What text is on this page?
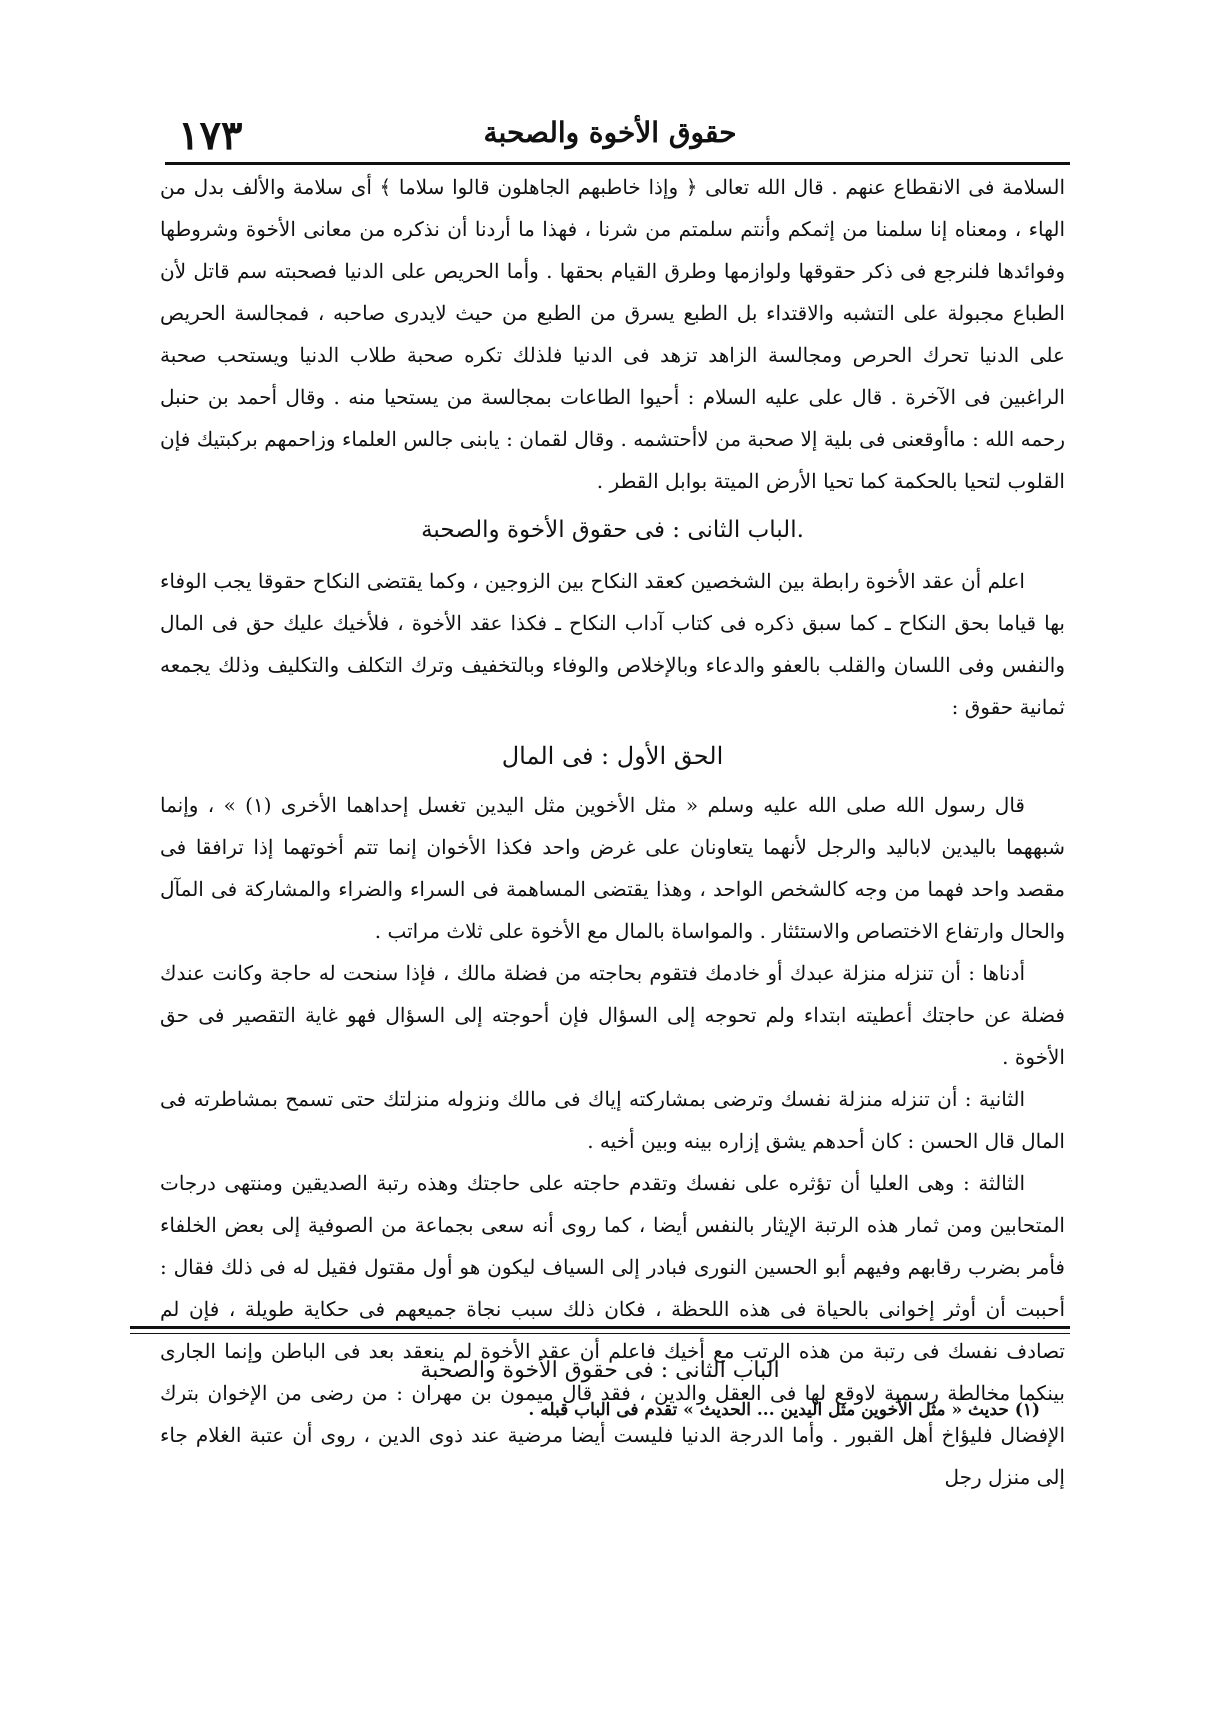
١٧٣	حقوق الأخوة والصحبة

السلامة فى الانقطاع عنهم . قال الله تعالى ﴿ وإذا خاطبهم الجاهلون قالوا سلاما ﴾ أى سلامة والألف بدل من الهاء ، ومعناه إنا سلمنا من إثمكم وأنتم سلمتم من شرنا ، فهذا ما أردنا أن نذكره من معانى الأخوة وشروطها وفوائدها فلنرجع فى ذكر حقوقها ولوازمها وطرق القيام بحقها . وأما الحريص على الدنيا فصحبته سم قاتل لأن الطباع مجبولة على التشبه والاقتداء بل الطبع يسرق من الطبع من حيث لايدرى صاحبه ، فمجالسة الحريص على الدنيا تحرك الحرص ومجالسة الزاهد تزهد فى الدنيا فلذلك تكره صحبة طلاب الدنيا ويستحب صحبة الراغبين فى الآخرة . قال على عليه السلام : أحيوا الطاعات بمجالسة من يستحيا منه . وقال أحمد بن حنبل رحمه الله : ماأوقعنى فى بلية إلا صحبة من لاأحتشمه . وقال لقمان : يابنى جالس العلماء وزاحمهم بركبتيك فإن القلوب لتحيا بالحكمة كما تحيا الأرض الميتة بوابل القطر .

.الباب الثانى : فى حقوق الأخوة والصحبة

اعلم أن عقد الأخوة رابطة بين الشخصين كعقد النكاح بين الزوجين ، وكما يقتضى النكاح حقوقا يجب الوفاء بها قياما بحق النكاح ـ كما سبق ذكره فى كتاب آداب النكاح ـ فكذا عقد الأخوة ، فلأخيك عليك حق فى المال والنفس وفى اللسان والقلب بالعفو والدعاء وبالإخلاص والوفاء وبالتخفيف وترك التكلف والتكليف وذلك يجمعه ثمانية حقوق :

الحق الأول : فى المال

قال رسول الله صلى الله عليه وسلم « مثل الأخوين مثل اليدين تغسل إحداهما الأخرى (١) » ، وإنما شبههما باليدين لاباليد والرجل لأنهما يتعاونان على غرض واحد فكذا الأخوان إنما تتم أخوتهما إذا ترافقا فى مقصد واحد فهما من وجه كالشخص الواحد ، وهذا يقتضى المساهمة فى السراء والضراء والمشاركة فى المآل والحال وارتفاع الاختصاص والاستئثار . والمواساة بالمال مع الأخوة على ثلاث مراتب .

أدناها : أن تنزله منزلة عبدك أو خادمك فتقوم بحاجته من فضلة مالك ، فإذا سنحت له حاجة وكانت عندك فضلة عن حاجتك أعطيته ابتداء ولم تحوجه إلى السؤال فإن أحوجته إلى السؤال فهو غاية التقصير فى حق الأخوة .

الثانية : أن تنزله منزلة نفسك وترضى بمشاركته إياك فى مالك ونزوله منزلتك حتى تسمح بمشاطرته فى المال قال الحسن : كان أحدهم يشق إزاره بينه وبين أخيه .

الثالثة : وهى العليا أن تؤثره على نفسك وتقدم حاجته على حاجتك وهذه رتبة الصديقين ومنتهى درجات المتحابين ومن ثمار هذه الرتبة الإيثار بالنفس أيضا ، كما روى أنه سعى بجماعة من الصوفية إلى بعض الخلفاء فأمر بضرب رقابهم وفيهم أبو الحسين النورى فبادر إلى السياف ليكون هو أول مقتول فقيل له فى ذلك فقال : أحببت أن أوثر إخوانى بالحياة فى هذه اللحظة ، فكان ذلك سبب نجاة جميعهم فى حكاية طويلة ، فإن لم تصادف نفسك فى رتبة من هذه الرتب مع أخيك فاعلم أن عقد الأخوة لم ينعقد بعد فى الباطن وإنما الجارى بينكما مخالطة رسمية لاوقع لها فى العقل والدين ، فقد قال ميمون بن مهران : من رضى من الإخوان بترك الإفضال فليؤاخ أهل القبور . وأما الدرجة الدنيا فليست أيضا مرضية عند ذوى الدين ، روى أن عتبة الغلام جاء إلى منزل رجل

الباب الثانى : فى حقوق الأخوة والصحبة
(١) حديث « مثل الأخوين مثل اليدين ... الحديث » تقدم فى الباب قبله .
